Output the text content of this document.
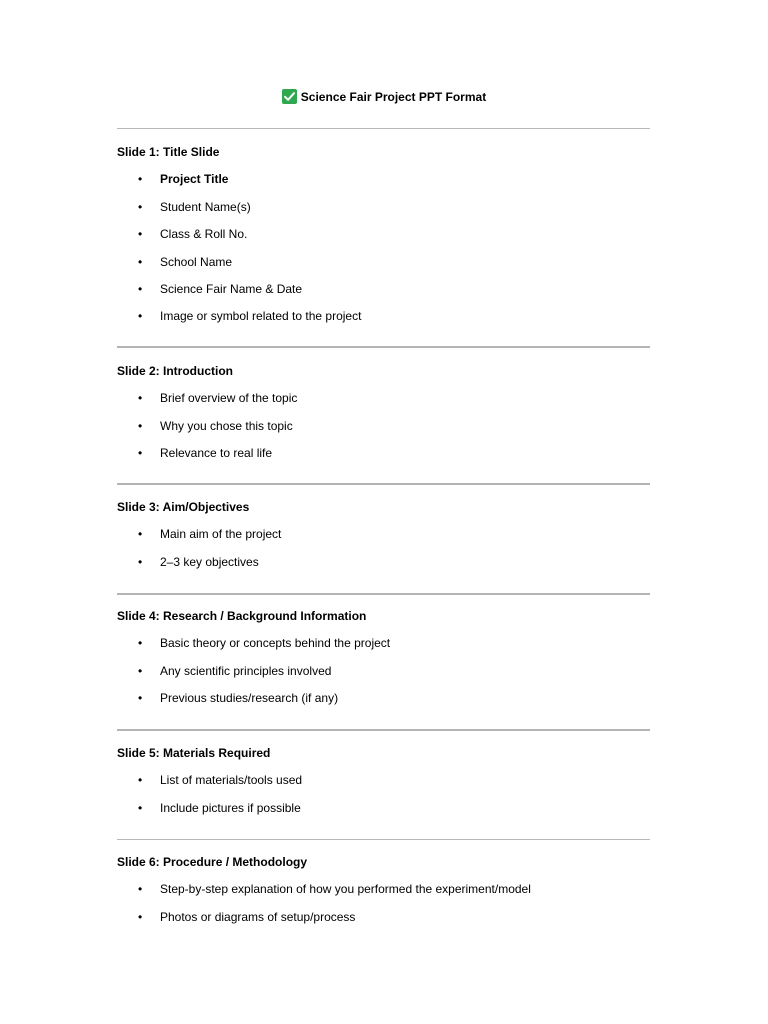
Science Fair Project PPT Format

Slide 1: Title Slide

•	Project Title
•	Student Name(s)
•	Class & Roll No.
•	School Name
•	Science Fair Name & Date
•	Image or symbol related to the project

Slide 2: Introduction

•	Brief overview of the topic
•	Why you chose this topic
•	Relevance to real life

Slide 3: Aim/Objectives

•	Main aim of the project
•	2–3 key objectives

Slide 4: Research / Background Information

•	Basic theory or concepts behind the project
•	Any scientific principles involved
•	Previous studies/research (if any)

Slide 5: Materials Required

•	List of materials/tools used
•	Include pictures if possible

Slide 6: Procedure / Methodology

•	Step-by-step explanation of how you performed the experiment/model
•	Photos or diagrams of setup/process
